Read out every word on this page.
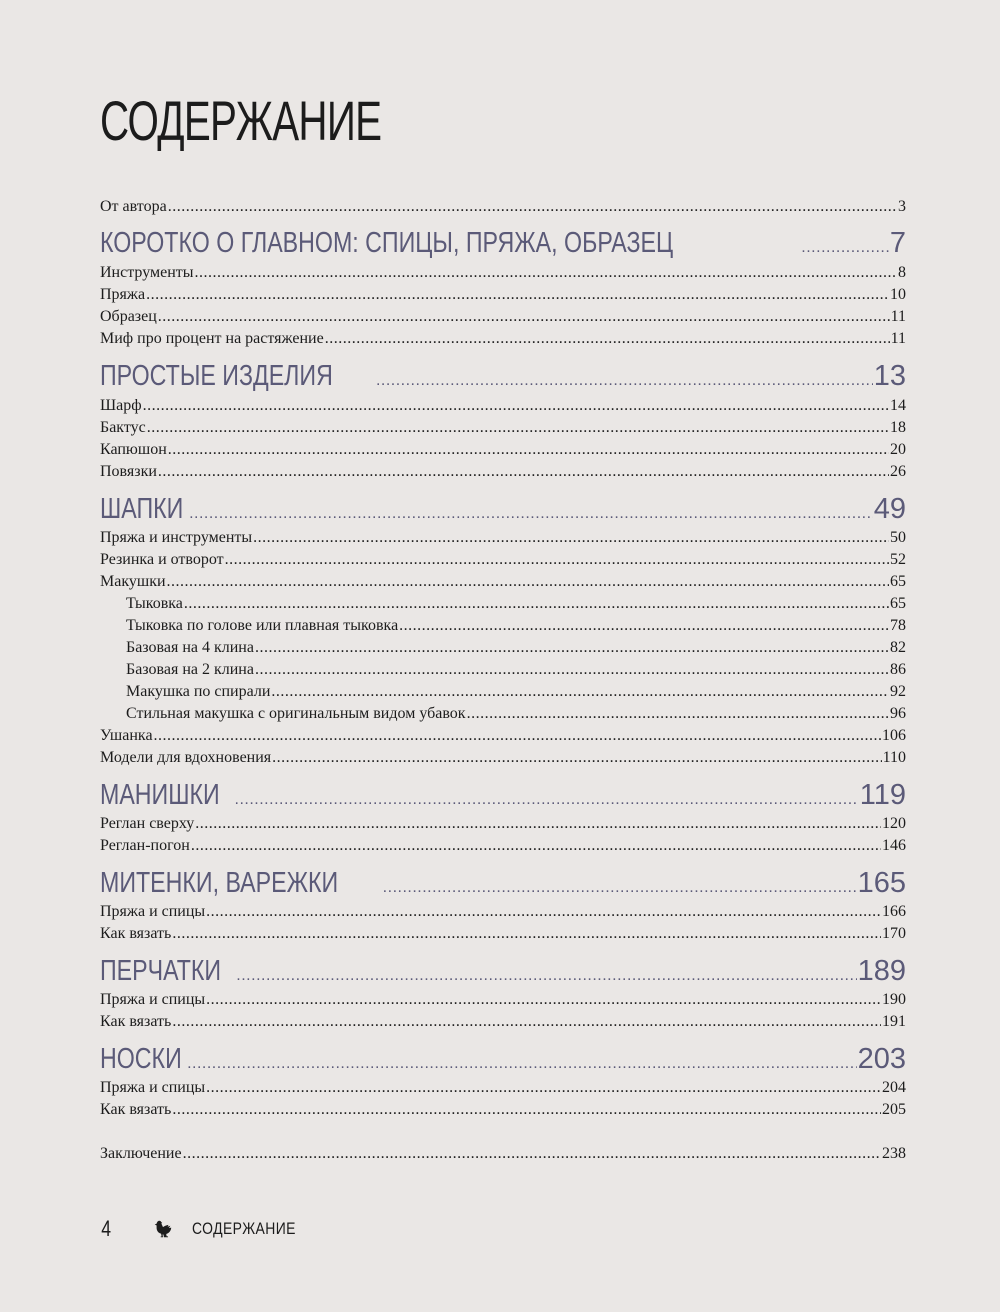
СОДЕРЖАНИЕ
От автора .....	3
КОРОТКО О ГЛАВНОМ: СПИЦЫ, ПРЯЖА, ОБРАЗЕЦ .....	7
Инструменты .....	8
Пряжа .....	10
Образец .....	11
Миф про процент на растяжение .....	11
ПРОСТЫЕ ИЗДЕЛИЯ .....	13
Шарф .....	14
Бактус .....	18
Капюшон .....	20
Повязки .....	26
ШАПКИ .....	49
Пряжа и инструменты .....	50
Резинка и отворот .....	52
Макушки .....	65
Тыковка .....	65
Тыковка по голове или плавная тыковка .....	78
Базовая на 4 клина .....	82
Базовая на 2 клина .....	86
Макушка по спирали .....	92
Стильная макушка с оригинальным видом убавок .....	96
Ушанка .....	106
Модели для вдохновения .....	110
МАНИШКИ .....	119
Реглан сверху .....	120
Реглан-погон .....	146
МИТЕНКИ, ВАРЕЖКИ .....	165
Пряжа и спицы .....	166
Как вязать .....	170
ПЕРЧАТКИ .....	189
Пряжа и спицы .....	190
Как вязать .....	191
НОСКИ .....	203
Пряжа и спицы .....	204
Как вязать .....	205
Заключение .....	238
4	СОДЕРЖАНИЕ
